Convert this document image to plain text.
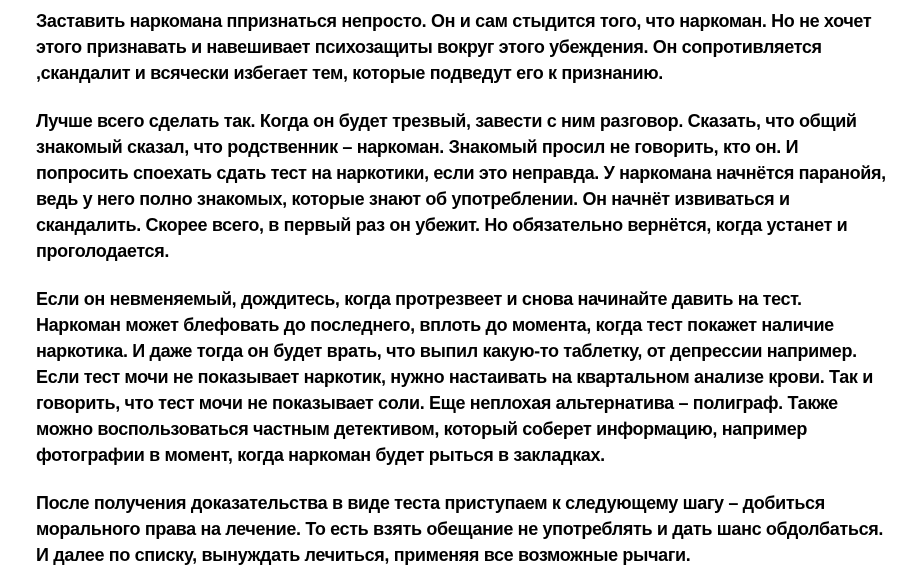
Заставить наркомана ппризнаться непросто. Он и сам стыдится того, что наркоман. Но не хочет этого признавать и навешивает психозащиты вокруг этого убеждения. Он сопротивляется ,скандалит и всячески избегает тем, которые подведут его к признанию.

Лучше всего сделать так. Когда он будет трезвый, завести с ним разговор. Сказать, что общий знакомый сказал, что родственник – наркоман. Знакомый просил не говорить, кто он. И попросить споехать сдать тест на наркотики, если это неправда. У наркомана начнётся паранойя, ведь у него полно знакомых, которые знают об употреблении. Он начнёт извиваться и скандалить. Скорее всего, в первый раз он убежит. Но обязательно вернётся, когда устанет и проголодается.

Если он невменяемый, дождитесь, когда протрезвеет и снова начинайте давить на тест. Наркоман может блефовать до последнего, вплоть до момента, когда тест покажет наличие наркотика. И даже тогда он будет врать, что выпил какую-то таблетку, от депрессии например. Если тест мочи не показывает наркотик, нужно настаивать на квартальном анализе крови. Так и говорить, что тест мочи не показывает соли. Еще неплохая альтернатива – полиграф. Также можно воспользоваться частным детективом, который соберет информацию, например фотографии в момент, когда наркоман будет рыться в закладках.

После получения доказательства в виде теста приступаем к следующему шагу – добиться морального права на лечение. То есть взять обещание не употреблять и дать шанс обдолбаться. И далее по списку, вынуждать лечиться, применяя все возможные рычаги.
